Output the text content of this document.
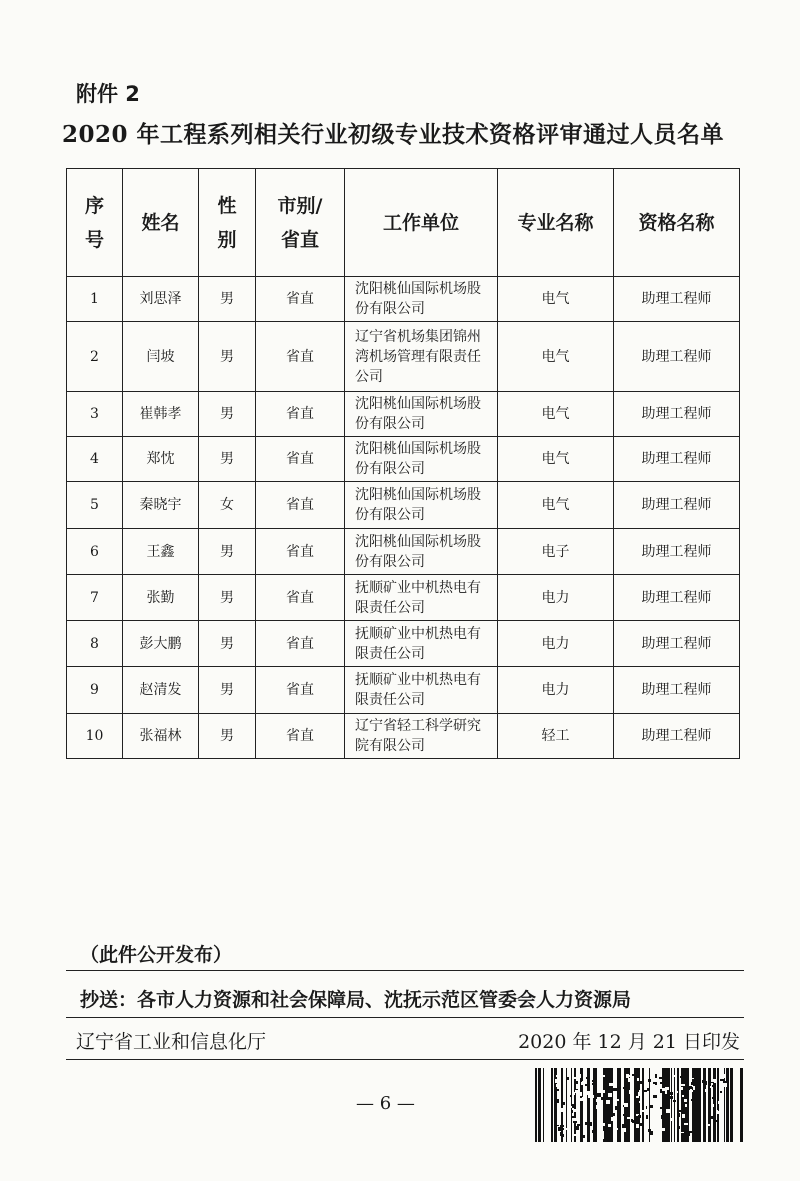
附件 2
2020 年工程系列相关行业初级专业技术资格评审通过人员名单
序号	姓名	性别	市别/省直	工作单位	专业名称	资格名称
1	刘思泽	男	省直	沈阳桃仙国际机场股份有限公司	电气	助理工程师
2	闫坡	男	省直	辽宁省机场集团锦州湾机场管理有限责任公司	电气	助理工程师
3	崔韩孝	男	省直	沈阳桃仙国际机场股份有限公司	电气	助理工程师
4	郑忱	男	省直	沈阳桃仙国际机场股份有限公司	电气	助理工程师
5	秦晓宇	女	省直	沈阳桃仙国际机场股份有限公司	电气	助理工程师
6	王鑫	男	省直	沈阳桃仙国际机场股份有限公司	电子	助理工程师
7	张勤	男	省直	抚顺矿业中机热电有限责任公司	电力	助理工程师
8	彭大鹏	男	省直	抚顺矿业中机热电有限责任公司	电力	助理工程师
9	赵清发	男	省直	抚顺矿业中机热电有限责任公司	电力	助理工程师
10	张福林	男	省直	辽宁省轻工科学研究院有限公司	轻工	助理工程师
（此件公开发布）
抄送：各市人力资源和社会保障局、沈抚示范区管委会人力资源局
辽宁省工业和信息化厅	2020 年 12 月 21 日印发
— 6 —
